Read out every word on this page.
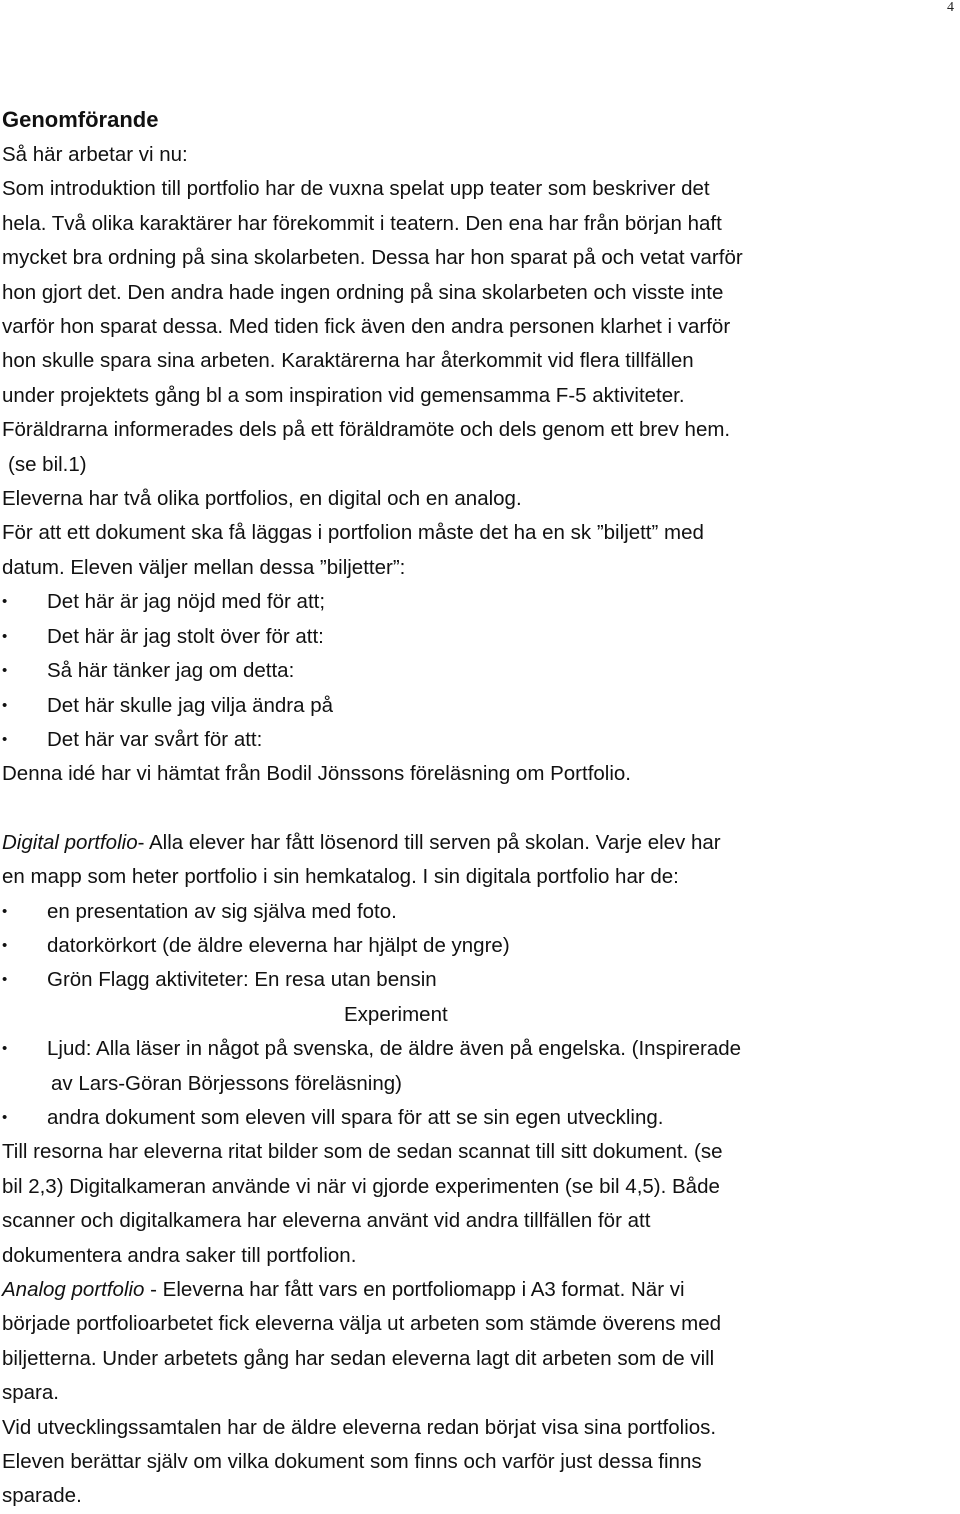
4
Genomförande

Så här arbetar vi nu:

Som introduktion till portfolio har de vuxna spelat upp teater som beskriver det

hela. Två olika karaktärer har förekommit i teatern. Den ena har från början haft

mycket bra ordning på sina skolarbeten. Dessa har hon sparat på och vetat varför

hon gjort det. Den andra hade ingen ordning på sina skolarbeten och visste inte

varför hon sparat dessa. Med tiden fick även den andra personen klarhet i varför

hon skulle spara sina arbeten. Karaktärerna har återkommit vid flera tillfällen

under projektets gång bl a som inspiration vid gemensamma F-5 aktiviteter.

Föräldrarna informerades dels på ett föräldramöte och dels genom ett brev hem.

(se bil.1)

Eleverna har två olika portfolios, en digital och en analog.

För att ett dokument ska få läggas i portfolion måste det ha en sk ”biljett” med

datum. Eleven väljer mellan dessa ”biljetter”:

• Det här är jag nöjd med för att;
• Det här är jag stolt över för att:
• Så här tänker jag om detta:
• Det här skulle jag vilja ändra på
• Det här var svårt för att:

Denna idé har vi hämtat från Bodil Jönssons föreläsning om Portfolio.

Digital portfolio- Alla elever har fått lösenord till serven på skolan. Varje elev har

en mapp som heter portfolio i sin hemkatalog. I sin digitala portfolio har de:

• en presentation av sig själva med foto.
• datorkörkort (de äldre eleverna har hjälpt de yngre)
• Grön Flagg aktiviteter: En resa utan bensin

Experiment

• Ljud: Alla läser in något på svenska, de äldre även på engelska. (Inspirerade

av Lars-Göran Börjessons föreläsning)

• andra dokument som eleven vill spara för att se sin egen utveckling.

Till resorna har eleverna ritat bilder som de sedan scannat till sitt dokument. (se

bil 2,3) Digitalkameran använde vi när vi gjorde experimenten (se bil 4,5). Både

scanner och digitalkamera har eleverna använt vid andra tillfällen för att

dokumentera andra saker till portfolion.

Analog portfolio - Eleverna har fått vars en portfoliomapp i A3 format. När vi

började portfolioarbetet fick eleverna välja ut arbeten som stämde överens med

biljetterna. Under arbetets gång har sedan eleverna lagt dit arbeten som de vill

spara.

Vid utvecklingssamtalen har de äldre eleverna redan börjat visa sina portfolios.

Eleven berättar själv om vilka dokument som finns och varför just dessa finns

sparade.
